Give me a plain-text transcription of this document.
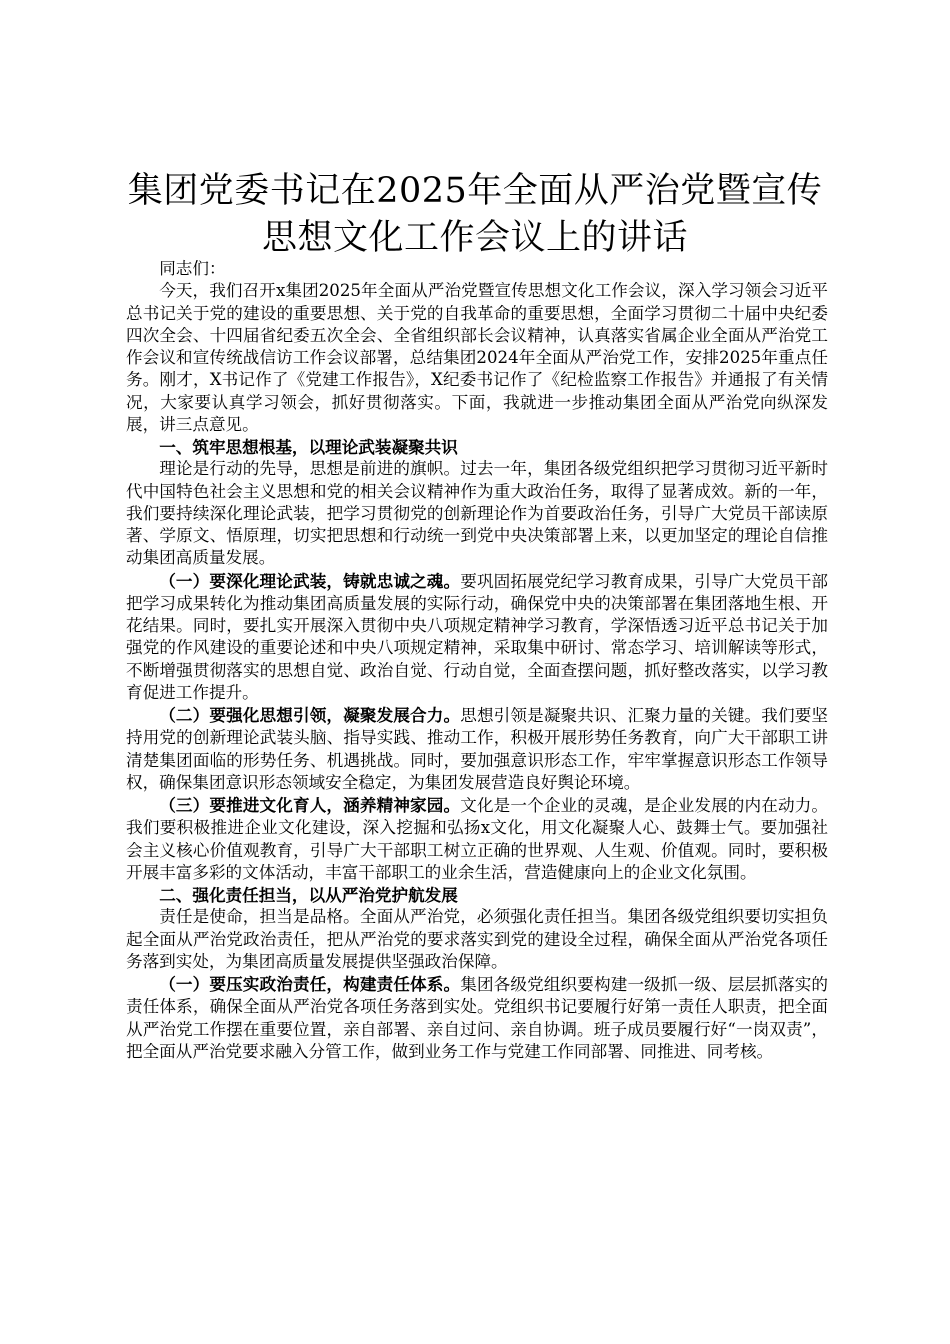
集团党委书记在2025年全面从严治党暨宣传
思想文化工作会议上的讲话

同志们：

今天，我们召开x集团2025年全面从严治党暨宣传思想文化工作会议，深入学习领会习近平总书记关于党的建设的重要思想、关于党的自我革命的重要思想，全面学习贯彻二十届中央纪委四次全会、十四届省纪委五次全会、全省组织部长会议精神，认真落实省属企业全面从严治党工作会议和宣传统战信访工作会议部署，总结集团2024年全面从严治党工作，安排2025年重点任务。刚才，X书记作了《党建工作报告》，X纪委书记作了《纪检监察工作报告》并通报了有关情况，大家要认真学习领会，抓好贯彻落实。下面，我就进一步推动集团全面从严治党向纵深发展，讲三点意见。

一、筑牢思想根基，以理论武装凝聚共识

理论是行动的先导，思想是前进的旗帜。过去一年，集团各级党组织把学习贯彻习近平新时代中国特色社会主义思想和党的相关会议精神作为重大政治任务，取得了显著成效。新的一年，我们要持续深化理论武装，把学习贯彻党的创新理论作为首要政治任务，引导广大党员干部读原著、学原文、悟原理，切实把思想和行动统一到党中央决策部署上来，以更加坚定的理论自信推动集团高质量发展。

（一）要深化理论武装，铸就忠诚之魂。要巩固拓展党纪学习教育成果，引导广大党员干部把学习成果转化为推动集团高质量发展的实际行动，确保党中央的决策部署在集团落地生根、开花结果。同时，要扎实开展深入贯彻中央八项规定精神学习教育，学深悟透习近平总书记关于加强党的作风建设的重要论述和中央八项规定精神，采取集中研讨、常态学习、培训解读等形式，不断增强贯彻落实的思想自觉、政治自觉、行动自觉，全面查摆问题，抓好整改落实，以学习教育促进工作提升。

（二）要强化思想引领，凝聚发展合力。思想引领是凝聚共识、汇聚力量的关键。我们要坚持用党的创新理论武装头脑、指导实践、推动工作，积极开展形势任务教育，向广大干部职工讲清楚集团面临的形势任务、机遇挑战。同时，要加强意识形态工作，牢牢掌握意识形态工作领导权，确保集团意识形态领域安全稳定，为集团发展营造良好舆论环境。

（三）要推进文化育人，涵养精神家园。文化是一个企业的灵魂，是企业发展的内在动力。我们要积极推进企业文化建设，深入挖掘和弘扬x文化，用文化凝聚人心、鼓舞士气。要加强社会主义核心价值观教育，引导广大干部职工树立正确的世界观、人生观、价值观。同时，要积极开展丰富多彩的文体活动，丰富干部职工的业余生活，营造健康向上的企业文化氛围。

二、强化责任担当，以从严治党护航发展

责任是使命，担当是品格。全面从严治党，必须强化责任担当。集团各级党组织要切实担负起全面从严治党政治责任，把从严治党的要求落实到党的建设全过程，确保全面从严治党各项任务落到实处，为集团高质量发展提供坚强政治保障。

（一）要压实政治责任，构建责任体系。集团各级党组织要构建一级抓一级、层层抓落实的责任体系，确保全面从严治党各项任务落到实处。党组织书记要履行好第一责任人职责，把全面从严治党工作摆在重要位置，亲自部署、亲自过问、亲自协调。班子成员要履行好“一岗双责”，把全面从严治党要求融入分管工作，做到业务工作与党建工作同部署、同推进、同考核。
